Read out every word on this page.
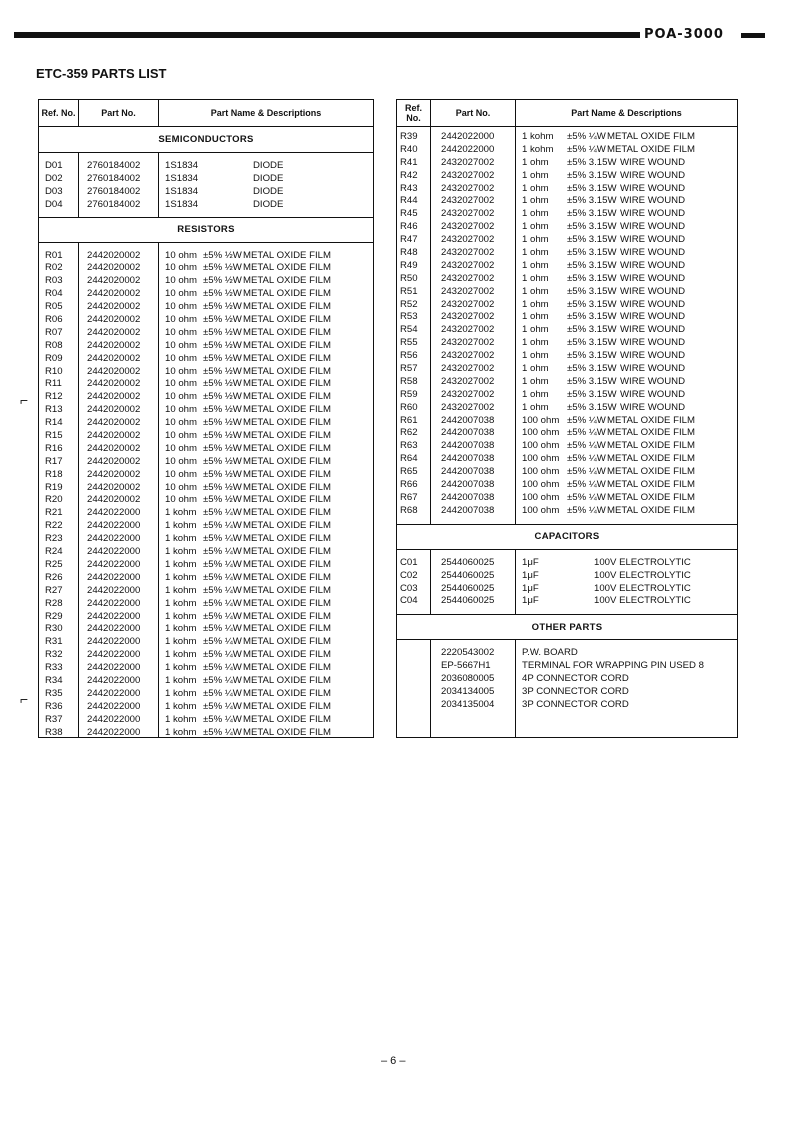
POA-3000
ETC-359 PARTS LIST
Ref. No.	Part No.	Part Name & Descriptions
SEMICONDUCTORS
D01	2760184002	1S1834	DIODE
D02	2760184002	1S1834	DIODE
D03	2760184002	1S1834	DIODE
D04	2760184002	1S1834	DIODE
RESISTORS
R01	2442020002	10 ohm ±5% ½WMETAL OXIDE FILM
R02	2442020002	10 ohm ±5% ½WMETAL OXIDE FILM
R03	2442020002	10 ohm ±5% ½WMETAL OXIDE FILM
R04	2442020002	10 ohm ±5% ½WMETAL OXIDE FILM
R05	2442020002	10 ohm ±5% ½WMETAL OXIDE FILM
R06	2442020002	10 ohm ±5% ½WMETAL OXIDE FILM
R07	2442020002	10 ohm ±5% ½WMETAL OXIDE FILM
R08	2442020002	10 ohm ±5% ½WMETAL OXIDE FILM
R09	2442020002	10 ohm ±5% ½WMETAL OXIDE FILM
R10	2442020002	10 ohm ±5% ½WMETAL OXIDE FILM
R11	2442020002	10 ohm ±5% ½WMETAL OXIDE FILM
R12	2442020002	10 ohm ±5% ½WMETAL OXIDE FILM
R13	2442020002	10 ohm ±5% ½WMETAL OXIDE FILM
R14	2442020002	10 ohm ±5% ½WMETAL OXIDE FILM
R15	2442020002	10 ohm ±5% ½WMETAL OXIDE FILM
R16	2442020002	10 ohm ±5% ½WMETAL OXIDE FILM
R17	2442020002	10 ohm ±5% ½WMETAL OXIDE FILM
R18	2442020002	10 ohm ±5% ½WMETAL OXIDE FILM
R19	2442020002	10 ohm ±5% ½WMETAL OXIDE FILM
R20	2442020002	10 ohm ±5% ½WMETAL OXIDE FILM
R21	2442022000	1 kohm ±5% ¼WMETAL OXIDE FILM
R22	2442022000	1 kohm ±5% ¼WMETAL OXIDE FILM
R23	2442022000	1 kohm ±5% ¼WMETAL OXIDE FILM
R24	2442022000	1 kohm ±5% ¼WMETAL OXIDE FILM
R25	2442022000	1 kohm ±5% ¼WMETAL OXIDE FILM
R26	2442022000	1 kohm ±5% ¼WMETAL OXIDE FILM
R27	2442022000	1 kohm ±5% ¼WMETAL OXIDE FILM
R28	2442022000	1 kohm ±5% ¼WMETAL OXIDE FILM
R29	2442022000	1 kohm ±5% ¼WMETAL OXIDE FILM
R30	2442022000	1 kohm ±5% ¼WMETAL OXIDE FILM
R31	2442022000	1 kohm ±5% ¼WMETAL OXIDE FILM
R32	2442022000	1 kohm ±5% ¼WMETAL OXIDE FILM
R33	2442022000	1 kohm ±5% ¼WMETAL OXIDE FILM
R34	2442022000	1 kohm ±5% ¼WMETAL OXIDE FILM
R35	2442022000	1 kohm ±5% ¼WMETAL OXIDE FILM
R36	2442022000	1 kohm ±5% ¼WMETAL OXIDE FILM
R37	2442022000	1 kohm ±5% ¼WMETAL OXIDE FILM
R38	2442022000	1 kohm ±5% ¼WMETAL OXIDE FILM
Ref. No.	Part No.	Part Name & Descriptions
R39	2442022000	1 kohm ±5% ¼WMETAL OXIDE FILM
R40	2442022000	1 kohm ±5% ¼WMETAL OXIDE FILM
R41	2432027002	1 ohm ±5% 3.15W WIRE WOUND
R42	2432027002	1 ohm ±5% 3.15W WIRE WOUND
R43	2432027002	1 ohm ±5% 3.15W WIRE WOUND
R44	2432027002	1 ohm ±5% 3.15W WIRE WOUND
R45	2432027002	1 ohm ±5% 3.15W WIRE WOUND
R46	2432027002	1 ohm ±5% 3.15W WIRE WOUND
R47	2432027002	1 ohm ±5% 3.15W WIRE WOUND
R48	2432027002	1 ohm ±5% 3.15W WIRE WOUND
R49	2432027002	1 ohm ±5% 3.15W WIRE WOUND
R50	2432027002	1 ohm ±5% 3.15W WIRE WOUND
R51	2432027002	1 ohm ±5% 3.15W WIRE WOUND
R52	2432027002	1 ohm ±5% 3.15W WIRE WOUND
R53	2432027002	1 ohm ±5% 3.15W WIRE WOUND
R54	2432027002	1 ohm ±5% 3.15W WIRE WOUND
R55	2432027002	1 ohm ±5% 3.15W WIRE WOUND
R56	2432027002	1 ohm ±5% 3.15W WIRE WOUND
R57	2432027002	1 ohm ±5% 3.15W WIRE WOUND
R58	2432027002	1 ohm ±5% 3.15W WIRE WOUND
R59	2432027002	1 ohm ±5% 3.15W WIRE WOUND
R60	2432027002	1 ohm ±5% 3.15W WIRE WOUND
R61	2442007038	100 ohm ±5% ¼WMETAL OXIDE FILM
R62	2442007038	100 ohm ±5% ¼WMETAL OXIDE FILM
R63	2442007038	100 ohm ±5% ¼WMETAL OXIDE FILM
R64	2442007038	100 ohm ±5% ¼WMETAL OXIDE FILM
R65	2442007038	100 ohm ±5% ¼WMETAL OXIDE FILM
R66	2442007038	100 ohm ±5% ¼WMETAL OXIDE FILM
R67	2442007038	100 ohm ±5% ¼WMETAL OXIDE FILM
R68	2442007038	100 ohm ±5% ¼WMETAL OXIDE FILM
CAPACITORS
C01	2544060025	1μF	100V ELECTROLYTIC
C02	2544060025	1μF	100V ELECTROLYTIC
C03	2544060025	1μF	100V ELECTROLYTIC
C04	2544060025	1μF	100V ELECTROLYTIC
OTHER PARTS
2220543002	P.W. BOARD
EP-5667H1	TERMINAL FOR WRAPPING PIN USED 8
2036080005	4P CONNECTOR CORD
2034134005	3P CONNECTOR CORD
2034135004	3P CONNECTOR CORD
⌐
⌐
– 6 –
